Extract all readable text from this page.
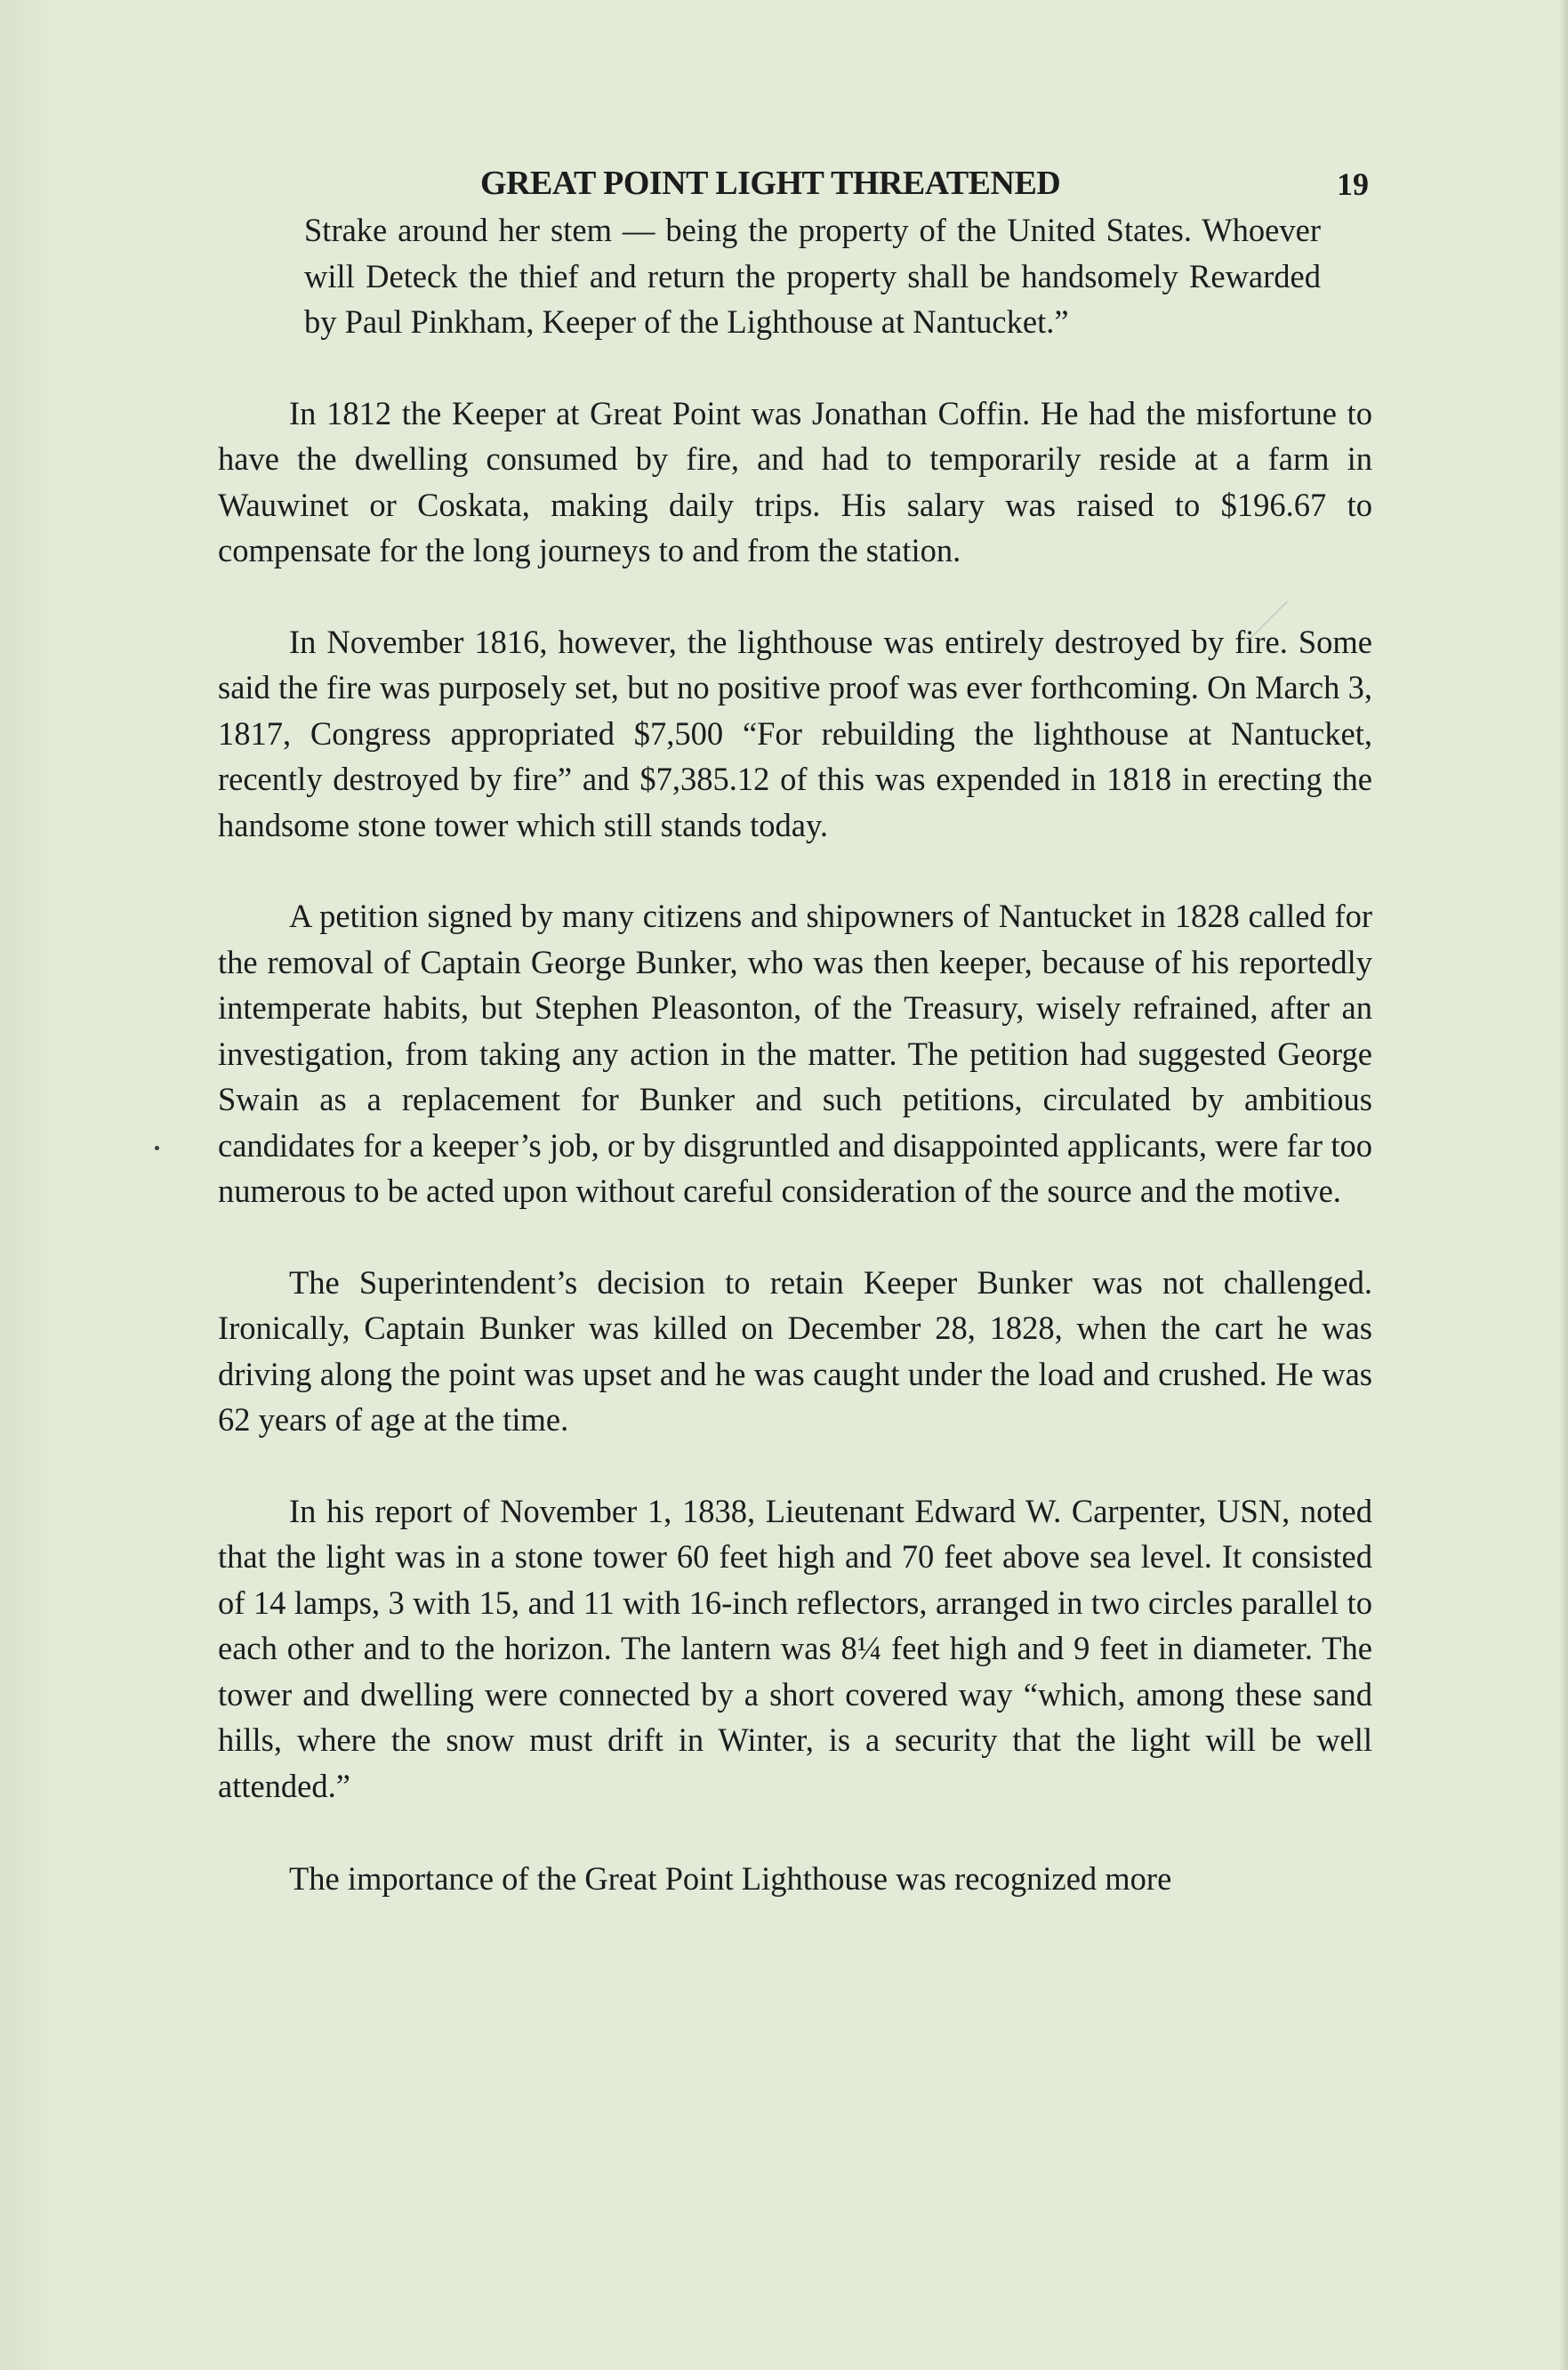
GREAT POINT LIGHT THREATENED	19

Strake around her stem — being the property of the United States. Whoever will Deteck the thief and return the property shall be handsomely Rewarded by Paul Pinkham, Keeper of the Lighthouse at Nantucket.”

In 1812 the Keeper at Great Point was Jonathan Coffin. He had the misfortune to have the dwelling consumed by fire, and had to temporarily reside at a farm in Wauwinet or Coskata, making daily trips. His salary was raised to $196.67 to compensate for the long journeys to and from the station.

In November 1816, however, the lighthouse was entirely destroyed by fire. Some said the fire was purposely set, but no positive proof was ever forthcoming. On March 3, 1817, Congress appropriated $7,500 “For rebuilding the lighthouse at Nantucket, recently destroyed by fire” and $7,385.12 of this was expended in 1818 in erecting the handsome stone tower which still stands today.

A petition signed by many citizens and shipowners of Nantucket in 1828 called for the removal of Captain George Bunker, who was then keeper, because of his reportedly intemperate habits, but Stephen Pleasonton, of the Treasury, wisely refrained, after an investigation, from taking any action in the matter. The petition had suggested George Swain as a replacement for Bunker and such petitions, circulated by ambitious candidates for a keeper’s job, or by disgruntled and disappointed applicants, were far too numerous to be acted upon without careful consideration of the source and the motive.

The Superintendent’s decision to retain Keeper Bunker was not challenged. Ironically, Captain Bunker was killed on December 28, 1828, when the cart he was driving along the point was upset and he was caught under the load and crushed. He was 62 years of age at the time.

In his report of November 1, 1838, Lieutenant Edward W. Carpenter, USN, noted that the light was in a stone tower 60 feet high and 70 feet above sea level. It consisted of 14 lamps, 3 with 15, and 11 with 16-inch reflectors, arranged in two circles parallel to each other and to the horizon. The lantern was 8¼ feet high and 9 feet in diameter. The tower and dwelling were connected by a short covered way “which, among these sand hills, where the snow must drift in Winter, is a security that the light will be well attended.”

The importance of the Great Point Lighthouse was recognized more
